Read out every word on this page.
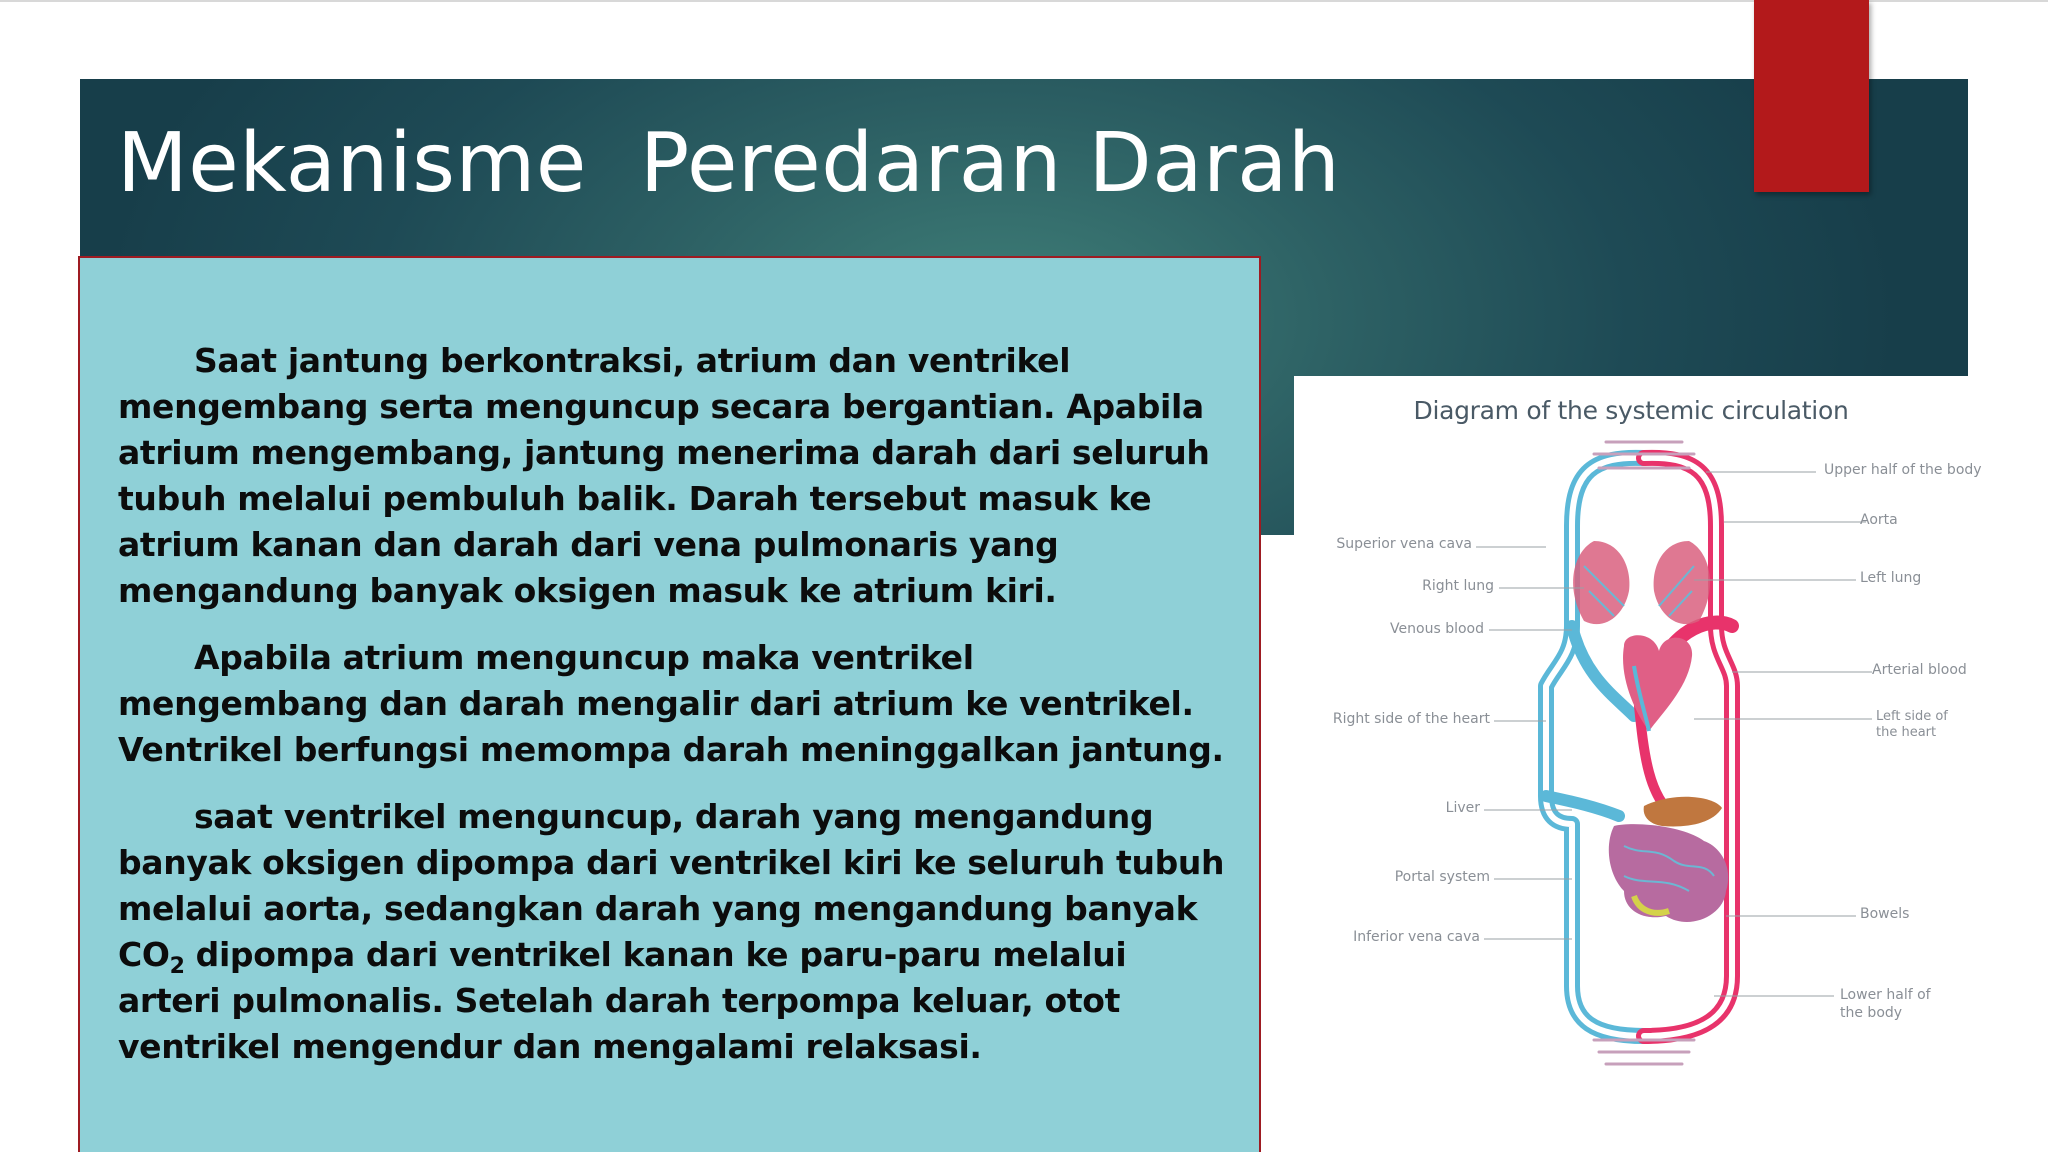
Mekanisme  Peredaran Darah

Saat jantung berkontraksi, atrium dan ventrikel mengembang serta menguncup secara bergantian. Apabila atrium mengembang, jantung menerima darah dari seluruh tubuh melalui pembuluh balik. Darah tersebut masuk ke atrium kanan dan darah dari vena pulmonaris yang mengandung banyak oksigen masuk ke atrium kiri.

Apabila atrium menguncup maka ventrikel mengembang dan darah mengalir dari atrium ke ventrikel. Ventrikel berfungsi memompa darah meninggalkan jantung.

saat ventrikel menguncup, darah yang mengandung banyak oksigen dipompa dari ventrikel kiri ke seluruh tubuh melalui aorta, sedangkan darah yang mengandung banyak $CO_2$ dipompa dari ventrikel kanan ke paru-paru melalui arteri pulmonalis. Setelah darah terpompa keluar, otot ventrikel mengendur dan mengalami relaksasi.

Diagram of the systemic circulation
Superior vena cava
Right lung
Venous blood
Right side of the heart
Liver
Portal system
Inferior vena cava
Upper half of the body
Aorta
Left lung
Arterial blood
Left side of the heart
Bowels
Lower half of the body
